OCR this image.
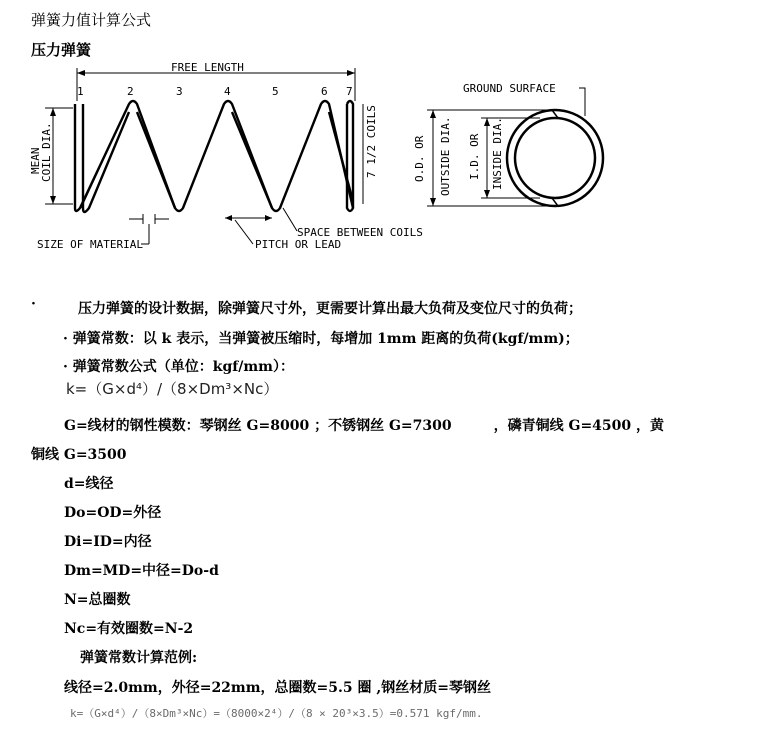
弹簧力值计算公式
压力弹簧
FREE LENGTH
1	2	3	4	5	6 7
MEAN
COIL DIA.	7 1/2 COILS
SIZE OF MATERIAL	PITCH OR LEAD
SPACE BETWEEN COILS
GROUND SURFACE
O.D. OR OUTSIDE DIA. I.D. OR INSIDE DIA.
·	压力弹簧的设计数据，除弹簧尺寸外，更需要计算出最大负荷及变位尺寸的负荷；
· 弹簧常数：以 k 表示，当弹簧被压缩时，每增加 1mm 距离的负荷(kgf/mm)；
· 弹簧常数公式（单位：kgf/mm）：
k=（G×d⁴）/（8×Dm³×Nc）
G=线材的钢性模数：琴钢丝 G=8000 ；不锈钢丝 G=7300　　　，磷青铜线 G=4500 ，黄
铜线 G=3500
d=线径
Do=OD=外径
Di=ID=内径
Dm=MD=中径=Do-d
N=总圈数
Nc=有效圈数=N-2
弹簧常数计算范例:
线径=2.0mm，外径=22mm，总圈数=5.5 圈 ,钢丝材质=琴钢丝
k=（G×d⁴）/（8×Dm³×Nc）=（8000×2⁴）/（8 × 20³×3.5）=0.571 kgf/mm.
